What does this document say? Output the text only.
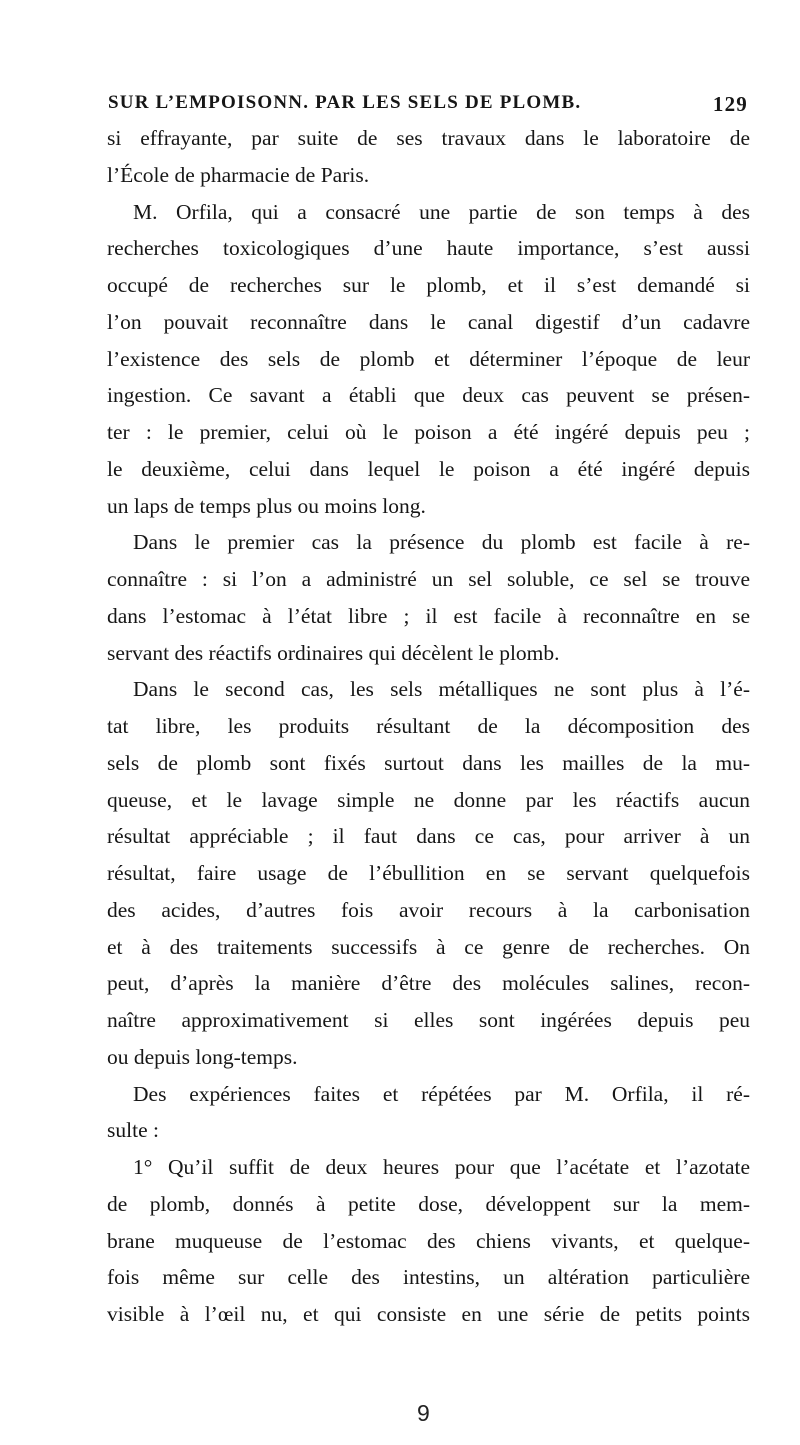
SUR L’EMPOISONN. PAR LES SELS DE PLOMB.	129
si effrayante, par suite de ses travaux dans le laboratoire de
l’École de pharmacie de Paris.
M. Orfila, qui a consacré une partie de son temps à des
recherches toxicologiques d’une haute importance, s’est aussi
occupé de recherches sur le plomb, et il s’est demandé si
l’on pouvait reconnaître dans le canal digestif d’un cadavre
l’existence des sels de plomb et déterminer l’époque de leur
ingestion. Ce savant a établi que deux cas peuvent se présen-
ter : le premier, celui où le poison a été ingéré depuis peu ;
le deuxième, celui dans lequel le poison a été ingéré depuis
un laps de temps plus ou moins long.
Dans le premier cas la présence du plomb est facile à re-
connaître : si l’on a administré un sel soluble, ce sel se trouve
dans l’estomac à l’état libre ; il est facile à reconnaître en se
servant des réactifs ordinaires qui décèlent le plomb.
Dans le second cas, les sels métalliques ne sont plus à l’é-
tat libre, les produits résultant de la décomposition des
sels de plomb sont fixés surtout dans les mailles de la mu-
queuse, et le lavage simple ne donne par les réactifs aucun
résultat appréciable ; il faut dans ce cas, pour arriver à un
résultat, faire usage de l’ébullition en se servant quelquefois
des acides, d’autres fois avoir recours à la carbonisation
et à des traitements successifs à ce genre de recherches. On
peut, d’après la manière d’être des molécules salines, recon-
naître approximativement si elles sont ingérées depuis peu
ou depuis long-temps.
Des expériences faites et répétées par M. Orfila, il ré-
sulte :
1° Qu’il suffit de deux heures pour que l’acétate et l’azotate
de plomb, donnés à petite dose, développent sur la mem-
brane muqueuse de l’estomac des chiens vivants, et quelque-
fois même sur celle des intestins, un altération particulière
visible à l’œil nu, et qui consiste en une série de petits points
9
